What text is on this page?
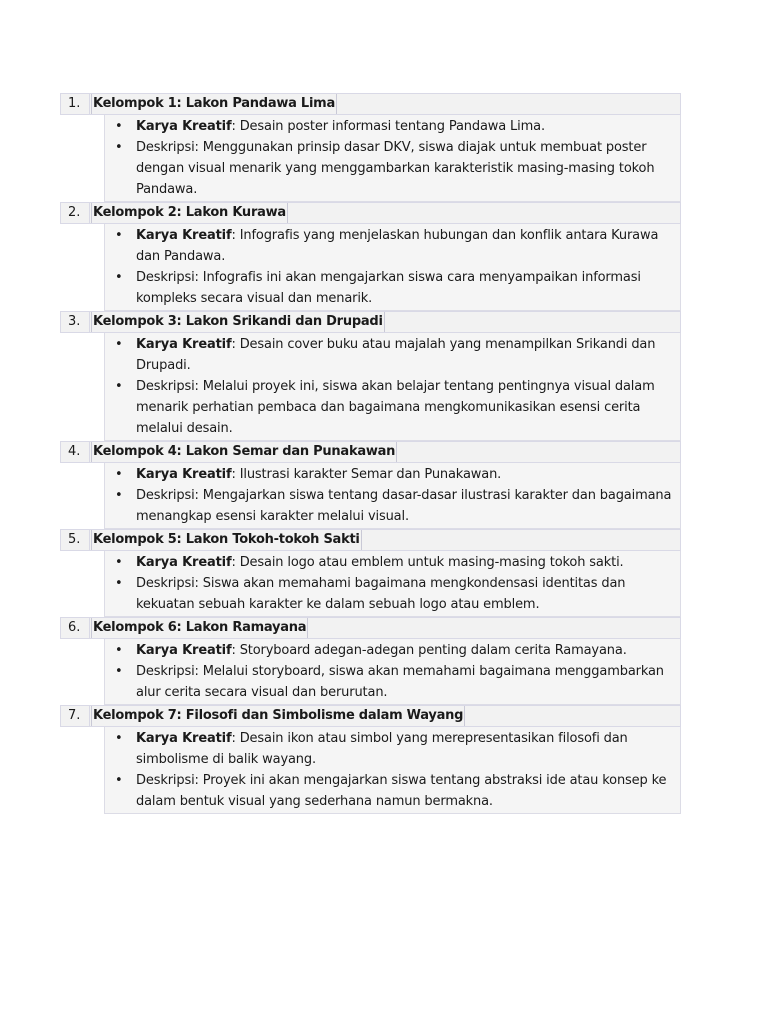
1. Kelompok 1: Lakon Pandawa Lima
• Karya Kreatif: Desain poster informasi tentang Pandawa Lima.
• Deskripsi: Menggunakan prinsip dasar DKV, siswa diajak untuk membuat poster dengan visual menarik yang menggambarkan karakteristik masing-masing tokoh Pandawa.
2. Kelompok 2: Lakon Kurawa
• Karya Kreatif: Infografis yang menjelaskan hubungan dan konflik antara Kurawa dan Pandawa.
• Deskripsi: Infografis ini akan mengajarkan siswa cara menyampaikan informasi kompleks secara visual dan menarik.
3. Kelompok 3: Lakon Srikandi dan Drupadi
• Karya Kreatif: Desain cover buku atau majalah yang menampilkan Srikandi dan Drupadi.
• Deskripsi: Melalui proyek ini, siswa akan belajar tentang pentingnya visual dalam menarik perhatian pembaca dan bagaimana mengkomunikasikan esensi cerita melalui desain.
4. Kelompok 4: Lakon Semar dan Punakawan
• Karya Kreatif: Ilustrasi karakter Semar dan Punakawan.
• Deskripsi: Mengajarkan siswa tentang dasar-dasar ilustrasi karakter dan bagaimana menangkap esensi karakter melalui visual.
5. Kelompok 5: Lakon Tokoh-tokoh Sakti
• Karya Kreatif: Desain logo atau emblem untuk masing-masing tokoh sakti.
• Deskripsi: Siswa akan memahami bagaimana mengkondensasi identitas dan kekuatan sebuah karakter ke dalam sebuah logo atau emblem.
6. Kelompok 6: Lakon Ramayana
• Karya Kreatif: Storyboard adegan-adegan penting dalam cerita Ramayana.
• Deskripsi: Melalui storyboard, siswa akan memahami bagaimana menggambarkan alur cerita secara visual dan berurutan.
7. Kelompok 7: Filosofi dan Simbolisme dalam Wayang
• Karya Kreatif: Desain ikon atau simbol yang merepresentasikan filosofi dan simbolisme di balik wayang.
• Deskripsi: Proyek ini akan mengajarkan siswa tentang abstraksi ide atau konsep ke dalam bentuk visual yang sederhana namun bermakna.
